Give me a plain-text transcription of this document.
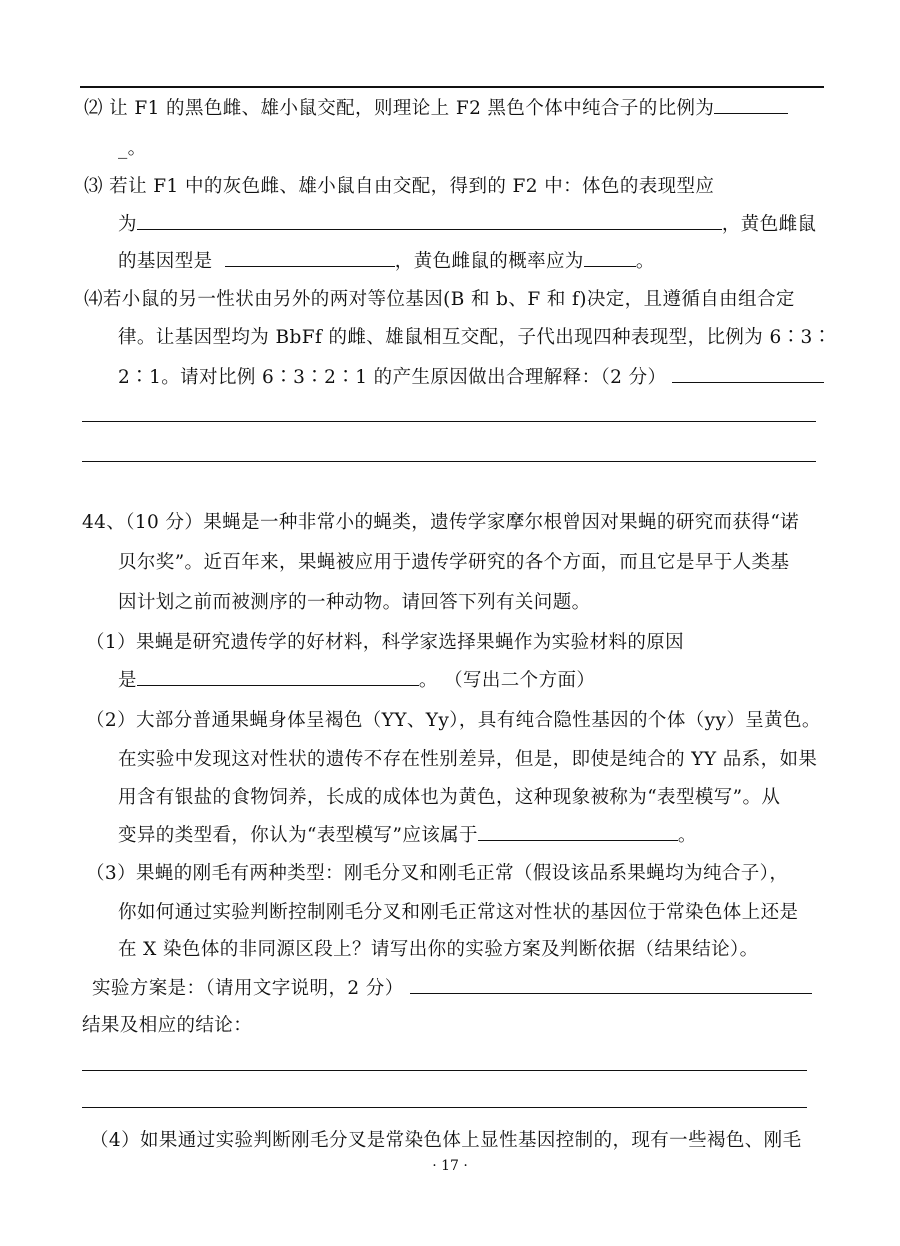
⑵ 让 F1 的黑色雌、雄小鼠交配，则理论上 F2 黑色个体中纯合子的比例为
_。
⑶ 若让 F1 中的灰色雌、雄小鼠自由交配，得到的 F2 中：体色的表现型应
为	，黄色雌鼠
的基因型是	，黄色雌鼠的概率应为	。
⑷若小鼠的另一性状由另外的两对等位基因(B 和 b、F 和 f)决定，且遵循自由组合定
律。让基因型均为 BbFf 的雌、雄鼠相互交配，子代出现四种表现型，比例为 6∶3∶
2∶1。请对比例 6∶3∶2∶1 的产生原因做出合理解释：（2 分）
44、（10 分）果蝇是一种非常小的蝇类，遗传学家摩尔根曾因对果蝇的研究而获得“诺
贝尔奖”。近百年来，果蝇被应用于遗传学研究的各个方面，而且它是早于人类基
因计划之前而被测序的一种动物。请回答下列有关问题。
（1）果蝇是研究遗传学的好材料，科学家选择果蝇作为实验材料的原因
是	。 （写出二个方面）
（2）大部分普通果蝇身体呈褐色（YY、Yy），具有纯合隐性基因的个体（yy）呈黄色。
在实验中发现这对性状的遗传不存在性别差异，但是，即使是纯合的 YY 品系，如果
用含有银盐的食物饲养，长成的成体也为黄色，这种现象被称为“表型模写”。从
变异的类型看，你认为“表型模写”应该属于	。
（3）果蝇的刚毛有两种类型：刚毛分叉和刚毛正常（假设该品系果蝇均为纯合子），
你如何通过实验判断控制刚毛分叉和刚毛正常这对性状的基因位于常染色体上还是
在 X 染色体的非同源区段上？请写出你的实验方案及判断依据（结果结论）。
实验方案是：（请用文字说明，2 分）
结果及相应的结论：
（4）如果通过实验判断刚毛分叉是常染色体上显性基因控制的，现有一些褐色、刚毛
· 17 ·
